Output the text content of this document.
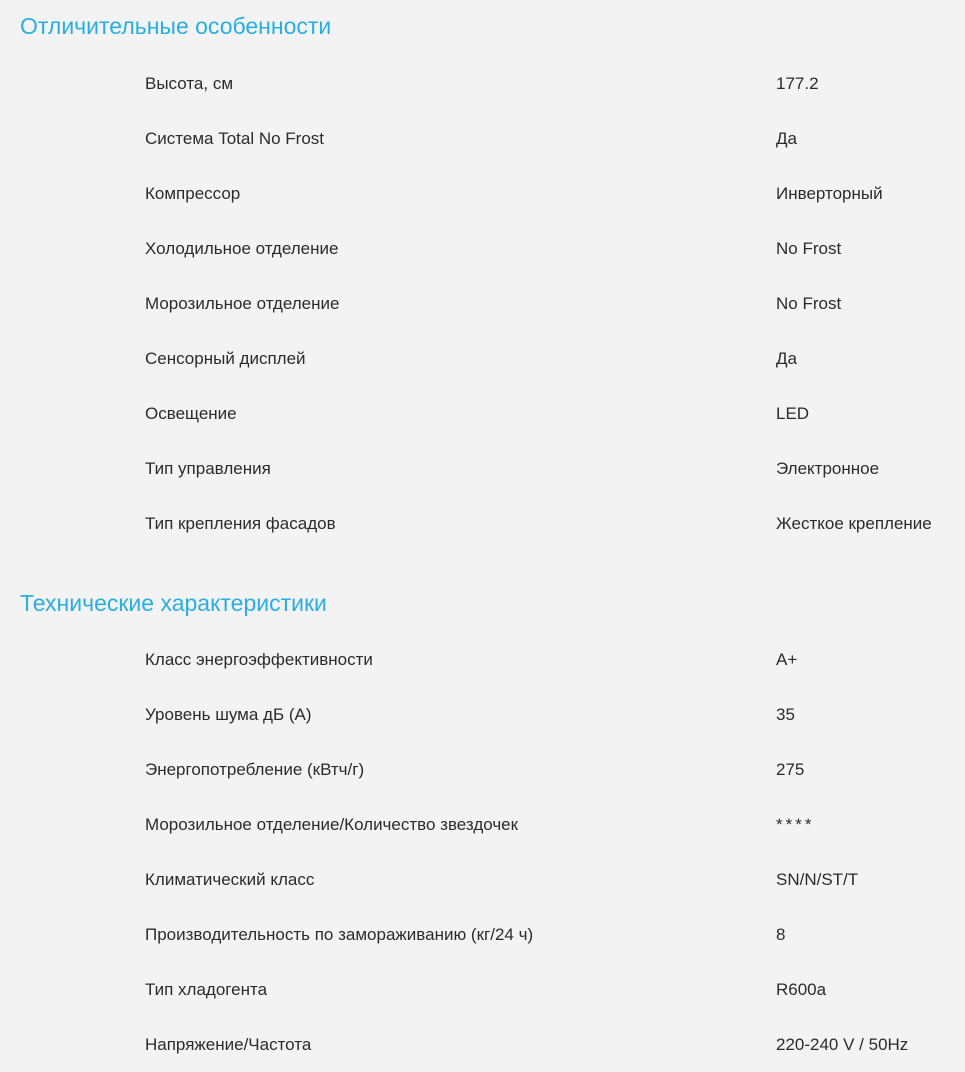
Отличительные особенности
Высота, см	177.2
Система Total No Frost	Да
Компрессор	Инверторный
Холодильное отделение	No Frost
Морозильное отделение	No Frost
Сенсорный дисплей	Да
Освещение	LED
Тип управления	Электронное
Тип крепления фасадов	Жесткое крепление
Технические характеристики
Класс энергоэффективности	A+
Уровень шума дБ (A)	35
Энергопотребление (кВтч/г)	275
Морозильное отделение/Количество звездочек	****
Климатический класс	SN/N/ST/T
Производительность по замораживанию (кг/24 ч)	8
Тип хладогента	R600a
Напряжение/Частота	220-240 V / 50Hz
